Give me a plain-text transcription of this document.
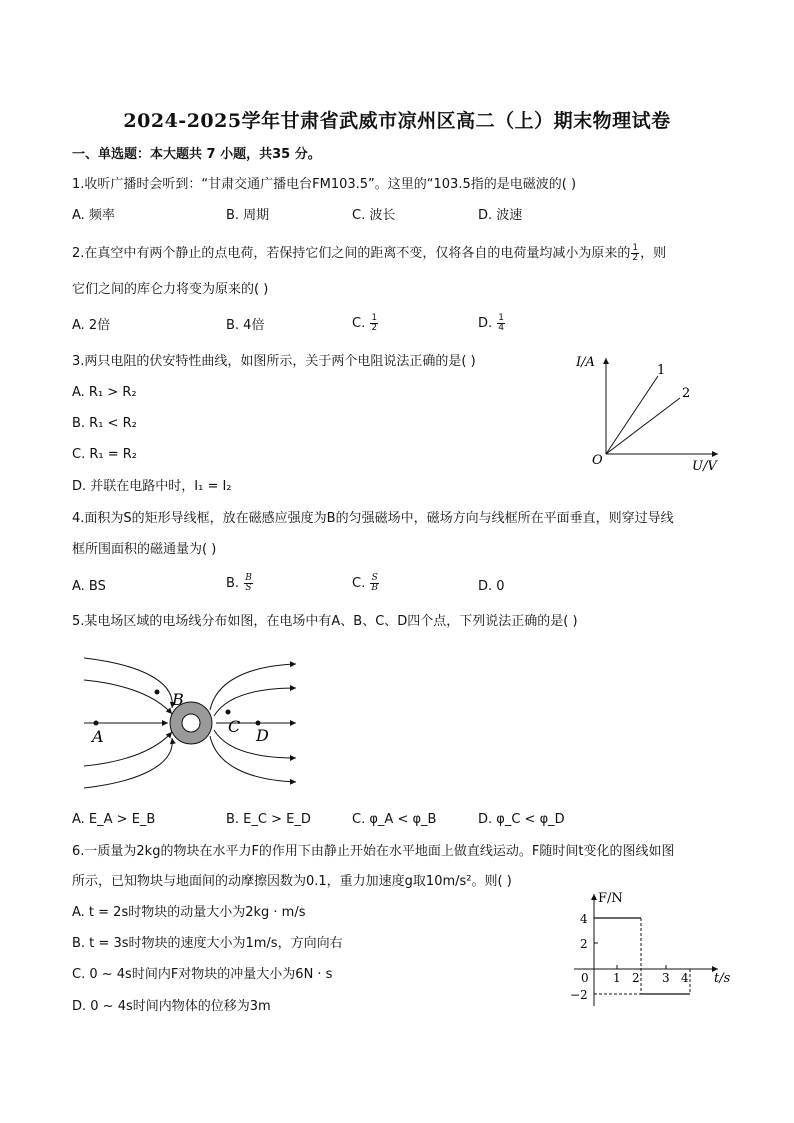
2024-2025学年甘肃省武威市凉州区高二（上）期末物理试卷
一、单选题：本大题共 7 小题，共35 分。
1.收听广播时会听到：“甘肃交通广播电台FM103.5”。这里的“103.5指的是电磁波的( )
A. 频率	B. 周期	C. 波长	D. 波速
2.在真空中有两个静止的点电荷，若保持它们之间的距离不变，仅将各自的电荷量均减小为原来的 $\frac{1}{2}$ ，则
它们之间的库仑力将变为原来的( )
A. 2倍	B. 4倍	C. $\frac{1}{2}$	D. $\frac{1}{4}$
3.两只电阻的伏安特性曲线，如图所示，关于两个电阻说法正确的是( )
A. R₁ > R₂
B. R₁ < R₂
C. R₁ = R₂
D. 并联在电路中时，I₁ = I₂
I/A
U/V
O
1
2
4.面积为S的矩形导线框，放在磁感应强度为B的匀强磁场中，磁场方向与线框所在平面垂直，则穿过导线
框所围面积的磁通量为( )
A. BS	B. $\frac{B}{S}$	C. $\frac{S}{B}$	D. 0
5.某电场区域的电场线分布如图，在电场中有A、B、C、D四个点，下列说法正确的是( )
A
B
C D
A. E_A > E_B	B. E_C > E_D	C. φ_A < φ_B	D. φ_C < φ_D
6.一质量为2kg的物块在水平力F的作用下由静止开始在水平地面上做直线运动。F随时间t变化的图线如图
所示，已知物块与地面间的动摩擦因数为0.1，重力加速度g取10m/s²。则( )
A. t = 2s时物块的动量大小为2kg · m/s
B. t = 3s时物块的速度大小为1m/s，方向向右
C. 0 ~ 4s时间内F对物块的冲量大小为6N · s
D. 0 ~ 4s时间内物体的位移为3m
F/N
t/s
4
2
−2
0 1 2 3 4
